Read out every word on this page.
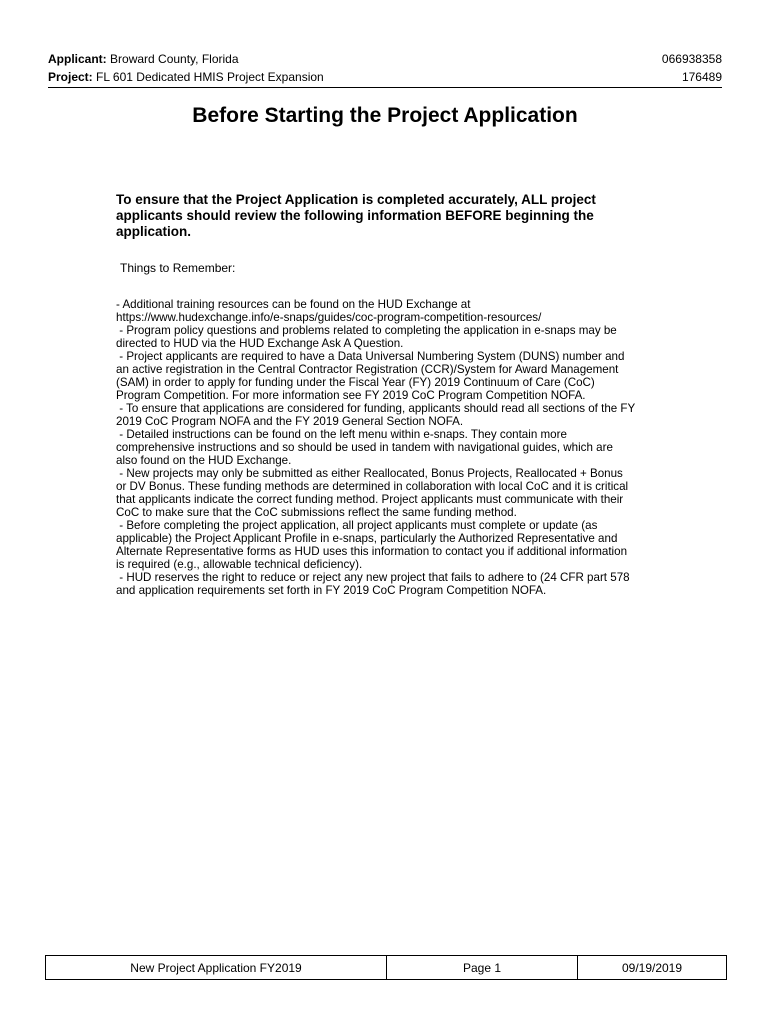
Applicant: Broward County, Florida	066938358
Project: FL 601 Dedicated HMIS Project Expansion	176489
Before Starting the Project Application
To ensure that the Project Application is completed accurately, ALL project applicants should review the following information BEFORE beginning the application.
Things to Remember:

- Additional training resources can be found on the HUD Exchange at https://www.hudexchange.info/e-snaps/guides/coc-program-competition-resources/

- Program policy questions and problems related to completing the application in e-snaps may be directed to HUD via the HUD Exchange Ask A Question.

- Project applicants are required to have a Data Universal Numbering System (DUNS) number and an active registration in the Central Contractor Registration (CCR)/System for Award Management (SAM) in order to apply for funding under the Fiscal Year (FY) 2019 Continuum of Care (CoC) Program Competition. For more information see FY 2019 CoC Program Competition NOFA.

- To ensure that applications are considered for funding, applicants should read all sections of the FY 2019 CoC Program NOFA and the FY 2019 General Section NOFA.

- Detailed instructions can be found on the left menu within e-snaps. They contain more comprehensive instructions and so should be used in tandem with navigational guides, which are also found on the HUD Exchange.

- New projects may only be submitted as either Reallocated, Bonus Projects, Reallocated + Bonus or DV Bonus. These funding methods are determined in collaboration with local CoC and it is critical that applicants indicate the correct funding method. Project applicants must communicate with their CoC to make sure that the CoC submissions reflect the same funding method.

- Before completing the project application, all project applicants must complete or update (as applicable) the Project Applicant Profile in e-snaps, particularly the Authorized Representative and Alternate Representative forms as HUD uses this information to contact you if additional information is required (e.g., allowable technical deficiency).

- HUD reserves the right to reduce or reject any new project that fails to adhere to (24 CFR part 578 and application requirements set forth in FY 2019 CoC Program Competition NOFA.

New Project Application FY2019	Page 1	09/19/2019
